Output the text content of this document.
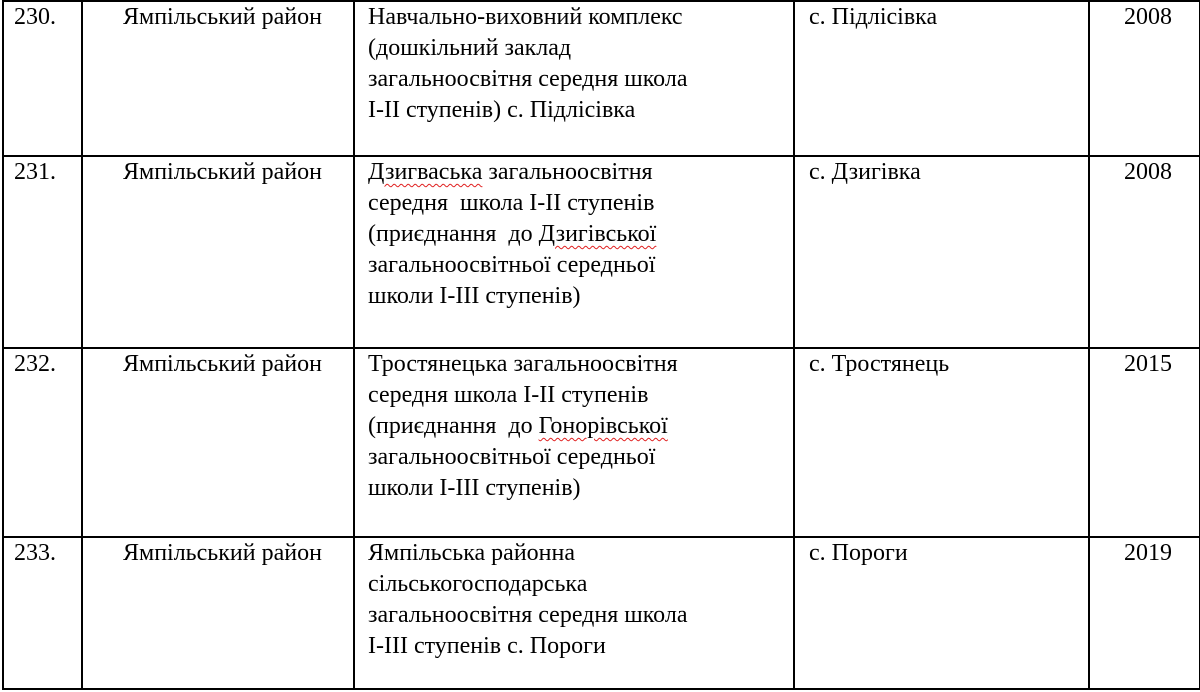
230.	Ямпільський район	Навчально-виховний комплекс
(дошкільний заклад
загальноосвітня середня школа
І-ІІ ступенів) с. Підлісівка	с. Підлісівка	2008
231.	Ямпільський район	Дзигваська загальноосвітня
середня  школа І-ІІ ступенів
(приєднання  до Дзигівської
загальноосвітньої середньої
школи І-ІІІ ступенів)	с. Дзигівка	2008
232.	Ямпільський район	Тростянецька загальноосвітня
середня школа І-ІІ ступенів
(приєднання  до Гонорівської
загальноосвітньої середньої
школи І-ІІІ ступенів)	с. Тростянець	2015
233.	Ямпільський район	Ямпільська районна
сільськогосподарська
загальноосвітня середня школа
І-ІІІ ступенів с. Пороги	с. Пороги	2019
